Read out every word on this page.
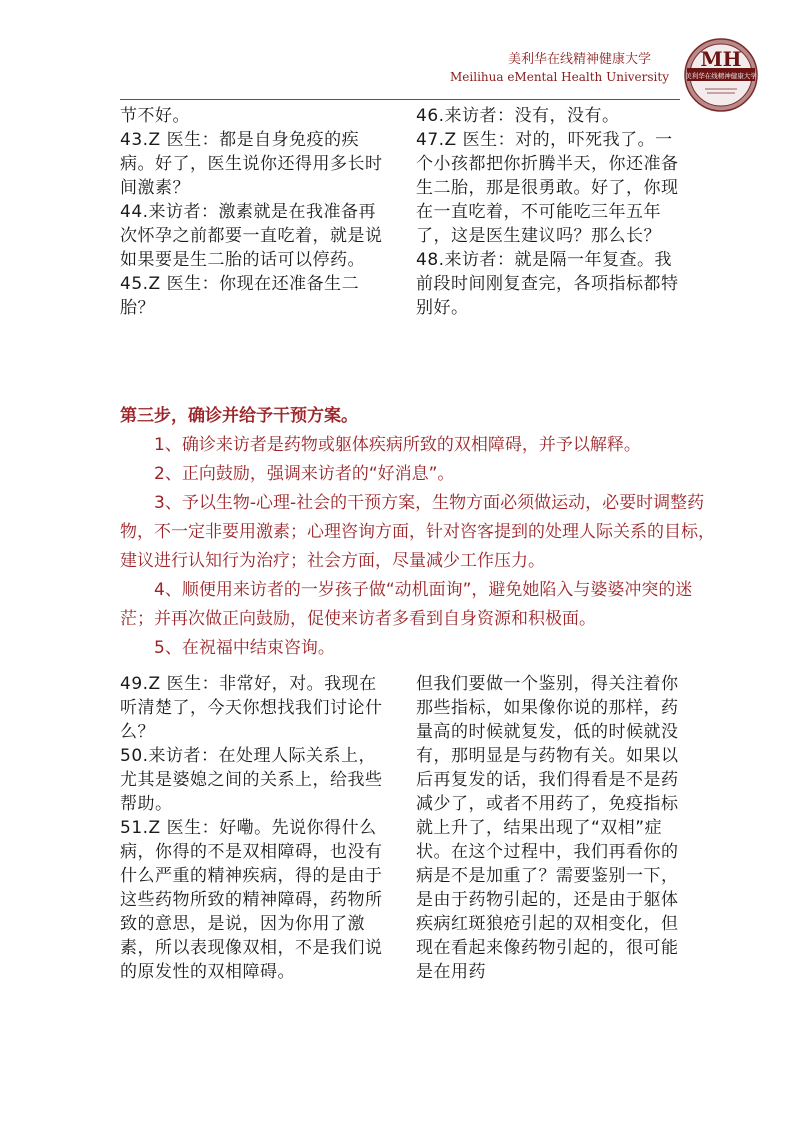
美利华在线精神健康大学
Meilihua eMental Health University
MH
美利华在线精神健康大学

节不好。

43.Z 医生：都是自身免疫的疾病。好了，医生说你还得用多长时间激素？

44.来访者：激素就是在我准备再次怀孕之前都要一直吃着，就是说如果要是生二胎的话可以停药。

45.Z 医生：你现在还准备生二胎？

46.来访者：没有，没有。

47.Z 医生：对的，吓死我了。一个小孩都把你折腾半天，你还准备生二胎，那是很勇敢。好了，你现在一直吃着，不可能吃三年五年了，这是医生建议吗？那么长？

48.来访者：就是隔一年复查。我前段时间刚复查完，各项指标都特别好。

第三步，确诊并给予干预方案。

1、确诊来访者是药物或躯体疾病所致的双相障碍，并予以解释。

2、正向鼓励，强调来访者的“好消息”。

3、予以生物-心理-社会的干预方案，生物方面必须做运动，必要时调整药物，不一定非要用激素；心理咨询方面，针对咨客提到的处理人际关系的目标，建议进行认知行为治疗；社会方面，尽量减少工作压力。

4、顺便用来访者的一岁孩子做“动机面询”，避免她陷入与婆婆冲突的迷茫；并再次做正向鼓励，促使来访者多看到自身资源和积极面。

5、在祝福中结束咨询。

49.Z 医生：非常好，对。我现在听清楚了，今天你想找我们讨论什么？

50.来访者：在处理人际关系上，尤其是婆媳之间的关系上，给我些帮助。

51.Z 医生：好嘞。先说你得什么病，你得的不是双相障碍，也没有什么严重的精神疾病，得的是由于这些药物所致的精神障碍，药物所致的意思，是说，因为你用了激素，所以表现像双相，不是我们说的原发性的双相障碍。

但我们要做一个鉴别，得关注着你那些指标，如果像你说的那样，药量高的时候就复发，低的时候就没有，那明显是与药物有关。如果以后再复发的话，我们得看是不是药减少了，或者不用药了，免疫指标就上升了，结果出现了“双相”症状。在这个过程中，我们再看你的病是不是加重了？需要鉴别一下，是由于药物引起的，还是由于躯体疾病红斑狼疮引起的双相变化，但现在看起来像药物引起的，很可能是在用药
